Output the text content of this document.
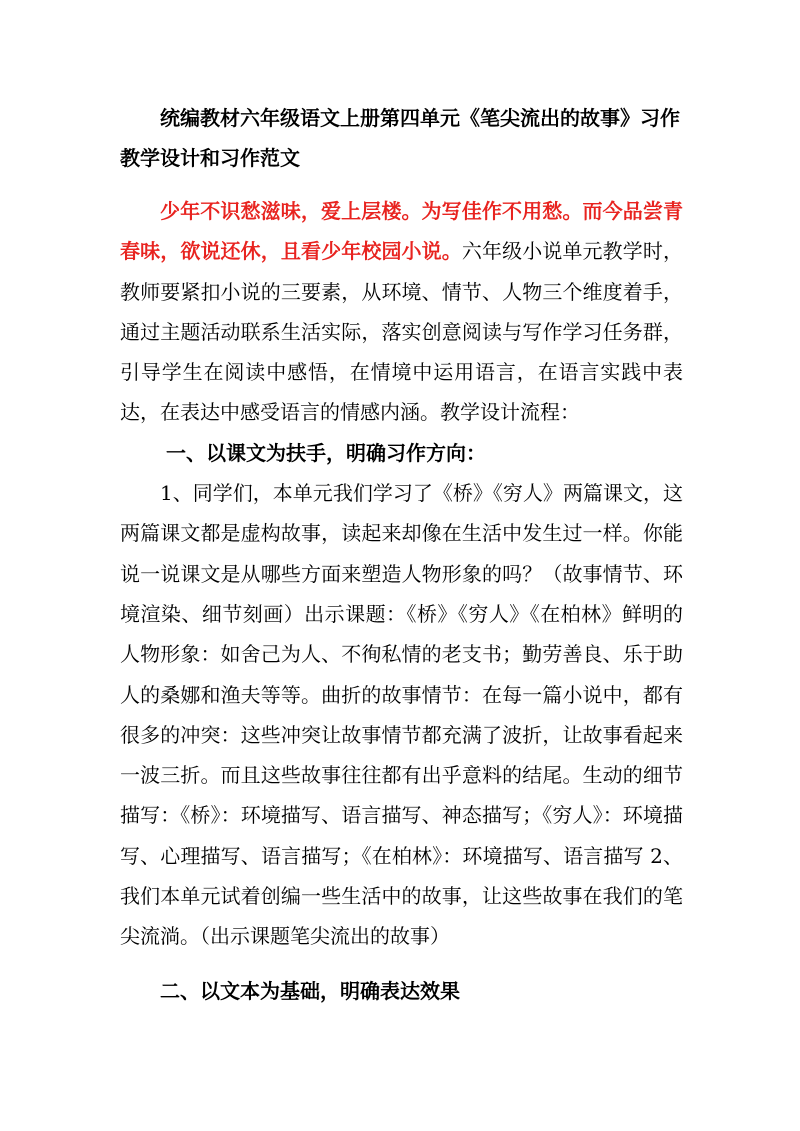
统编教材六年级语文上册第四单元《笔尖流出的故事》习作教学设计和习作范文

少年不识愁滋味，爱上层楼。为写佳作不用愁。而今品尝青春味，欲说还休，且看少年校园小说。六年级小说单元教学时，教师要紧扣小说的三要素，从环境、情节、人物三个维度着手，通过主题活动联系生活实际，落实创意阅读与写作学习任务群，引导学生在阅读中感悟，在情境中运用语言，在语言实践中表达，在表达中感受语言的情感内涵。教学设计流程：

一、以课文为扶手，明确习作方向：

1、同学们，本单元我们学习了《桥》《穷人》两篇课文，这两篇课文都是虚构故事，读起来却像在生活中发生过一样。你能说一说课文是从哪些方面来塑造人物形象的吗？（故事情节、环境渲染、细节刻画）出示课题：《桥》《穷人》《在柏林》鲜明的人物形象：如舍己为人、不徇私情的老支书；勤劳善良、乐于助人的桑娜和渔夫等等。曲折的故事情节：在每一篇小说中，都有很多的冲突：这些冲突让故事情节都充满了波折，让故事看起来一波三折。而且这些故事往往都有出乎意料的结尾。生动的细节描写：《桥》：环境描写、语言描写、神态描写；《穷人》：环境描写、心理描写、语言描写；《在柏林》：环境描写、语言描写 2、我们本单元试着创编一些生活中的故事，让这些故事在我们的笔尖流淌。（出示课题笔尖流出的故事）

二、以文本为基础，明确表达效果
